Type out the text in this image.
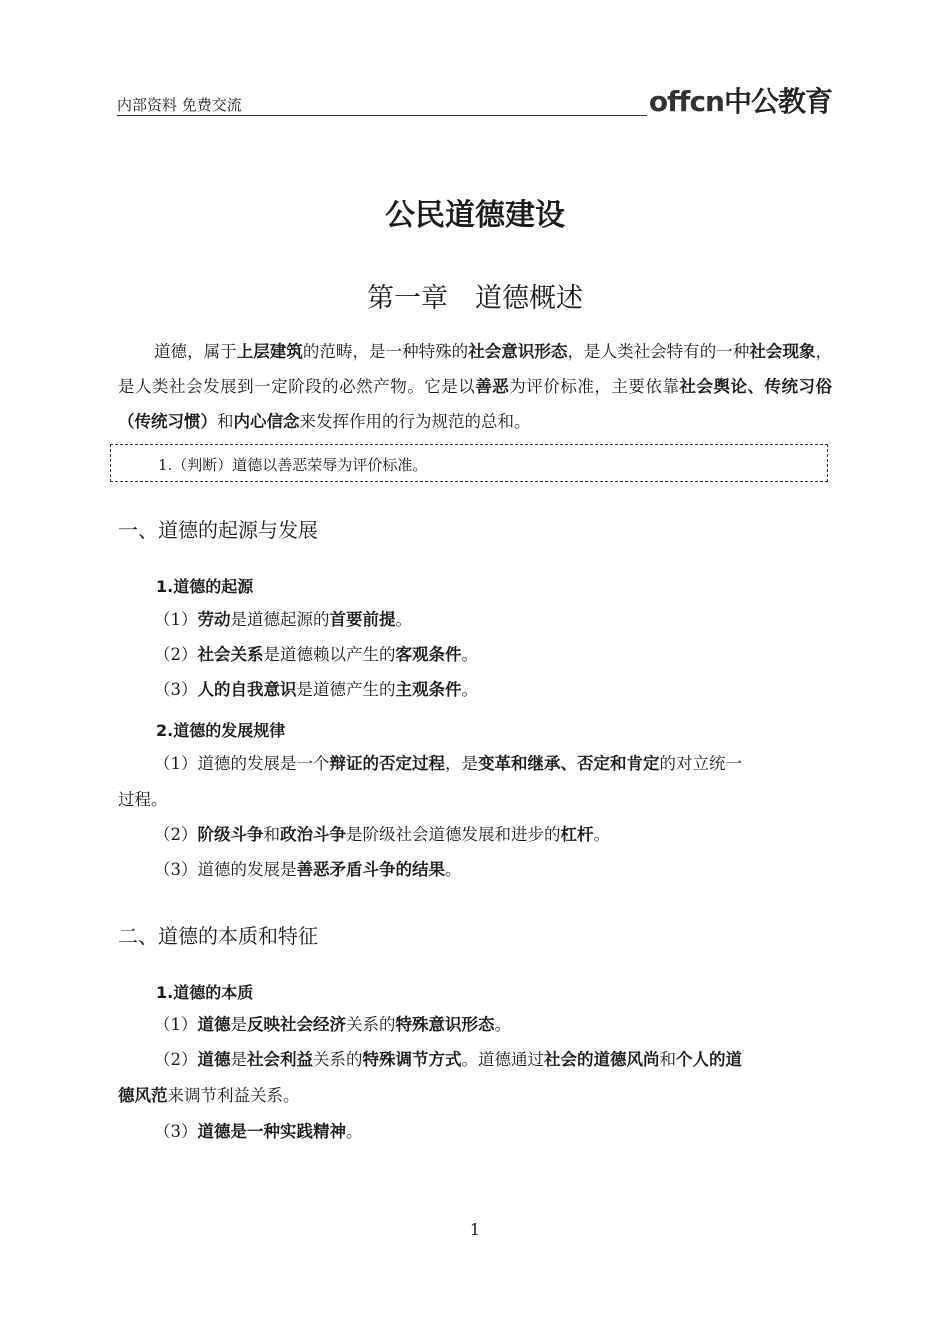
内部资料 免费交流	offcn中公教育
公民道德建设
第一章　道德概述
道德，属于上层建筑的范畴，是一种特殊的社会意识形态，是人类社会特有的一种社会现象，是人类社会发展到一定阶段的必然产物。它是以善恶为评价标准，主要依靠社会舆论、传统习俗（传统习惯）和内心信念来发挥作用的行为规范的总和。
1.（判断）道德以善恶荣辱为评价标准。
一、道德的起源与发展
1.道德的起源
（1）劳动是道德起源的首要前提。
（2）社会关系是道德赖以产生的客观条件。
（3）人的自我意识是道德产生的主观条件。
2.道德的发展规律
（1）道德的发展是一个辩证的否定过程，是变革和继承、否定和肯定的对立统一
过程。
（2）阶级斗争和政治斗争是阶级社会道德发展和进步的杠杆。
（3）道德的发展是善恶矛盾斗争的结果。
二、道德的本质和特征
1.道德的本质
（1）道德是反映社会经济关系的特殊意识形态。
（2）道德是社会利益关系的特殊调节方式。道德通过社会的道德风尚和个人的道
德风范来调节利益关系。
（3）道德是一种实践精神。
1
